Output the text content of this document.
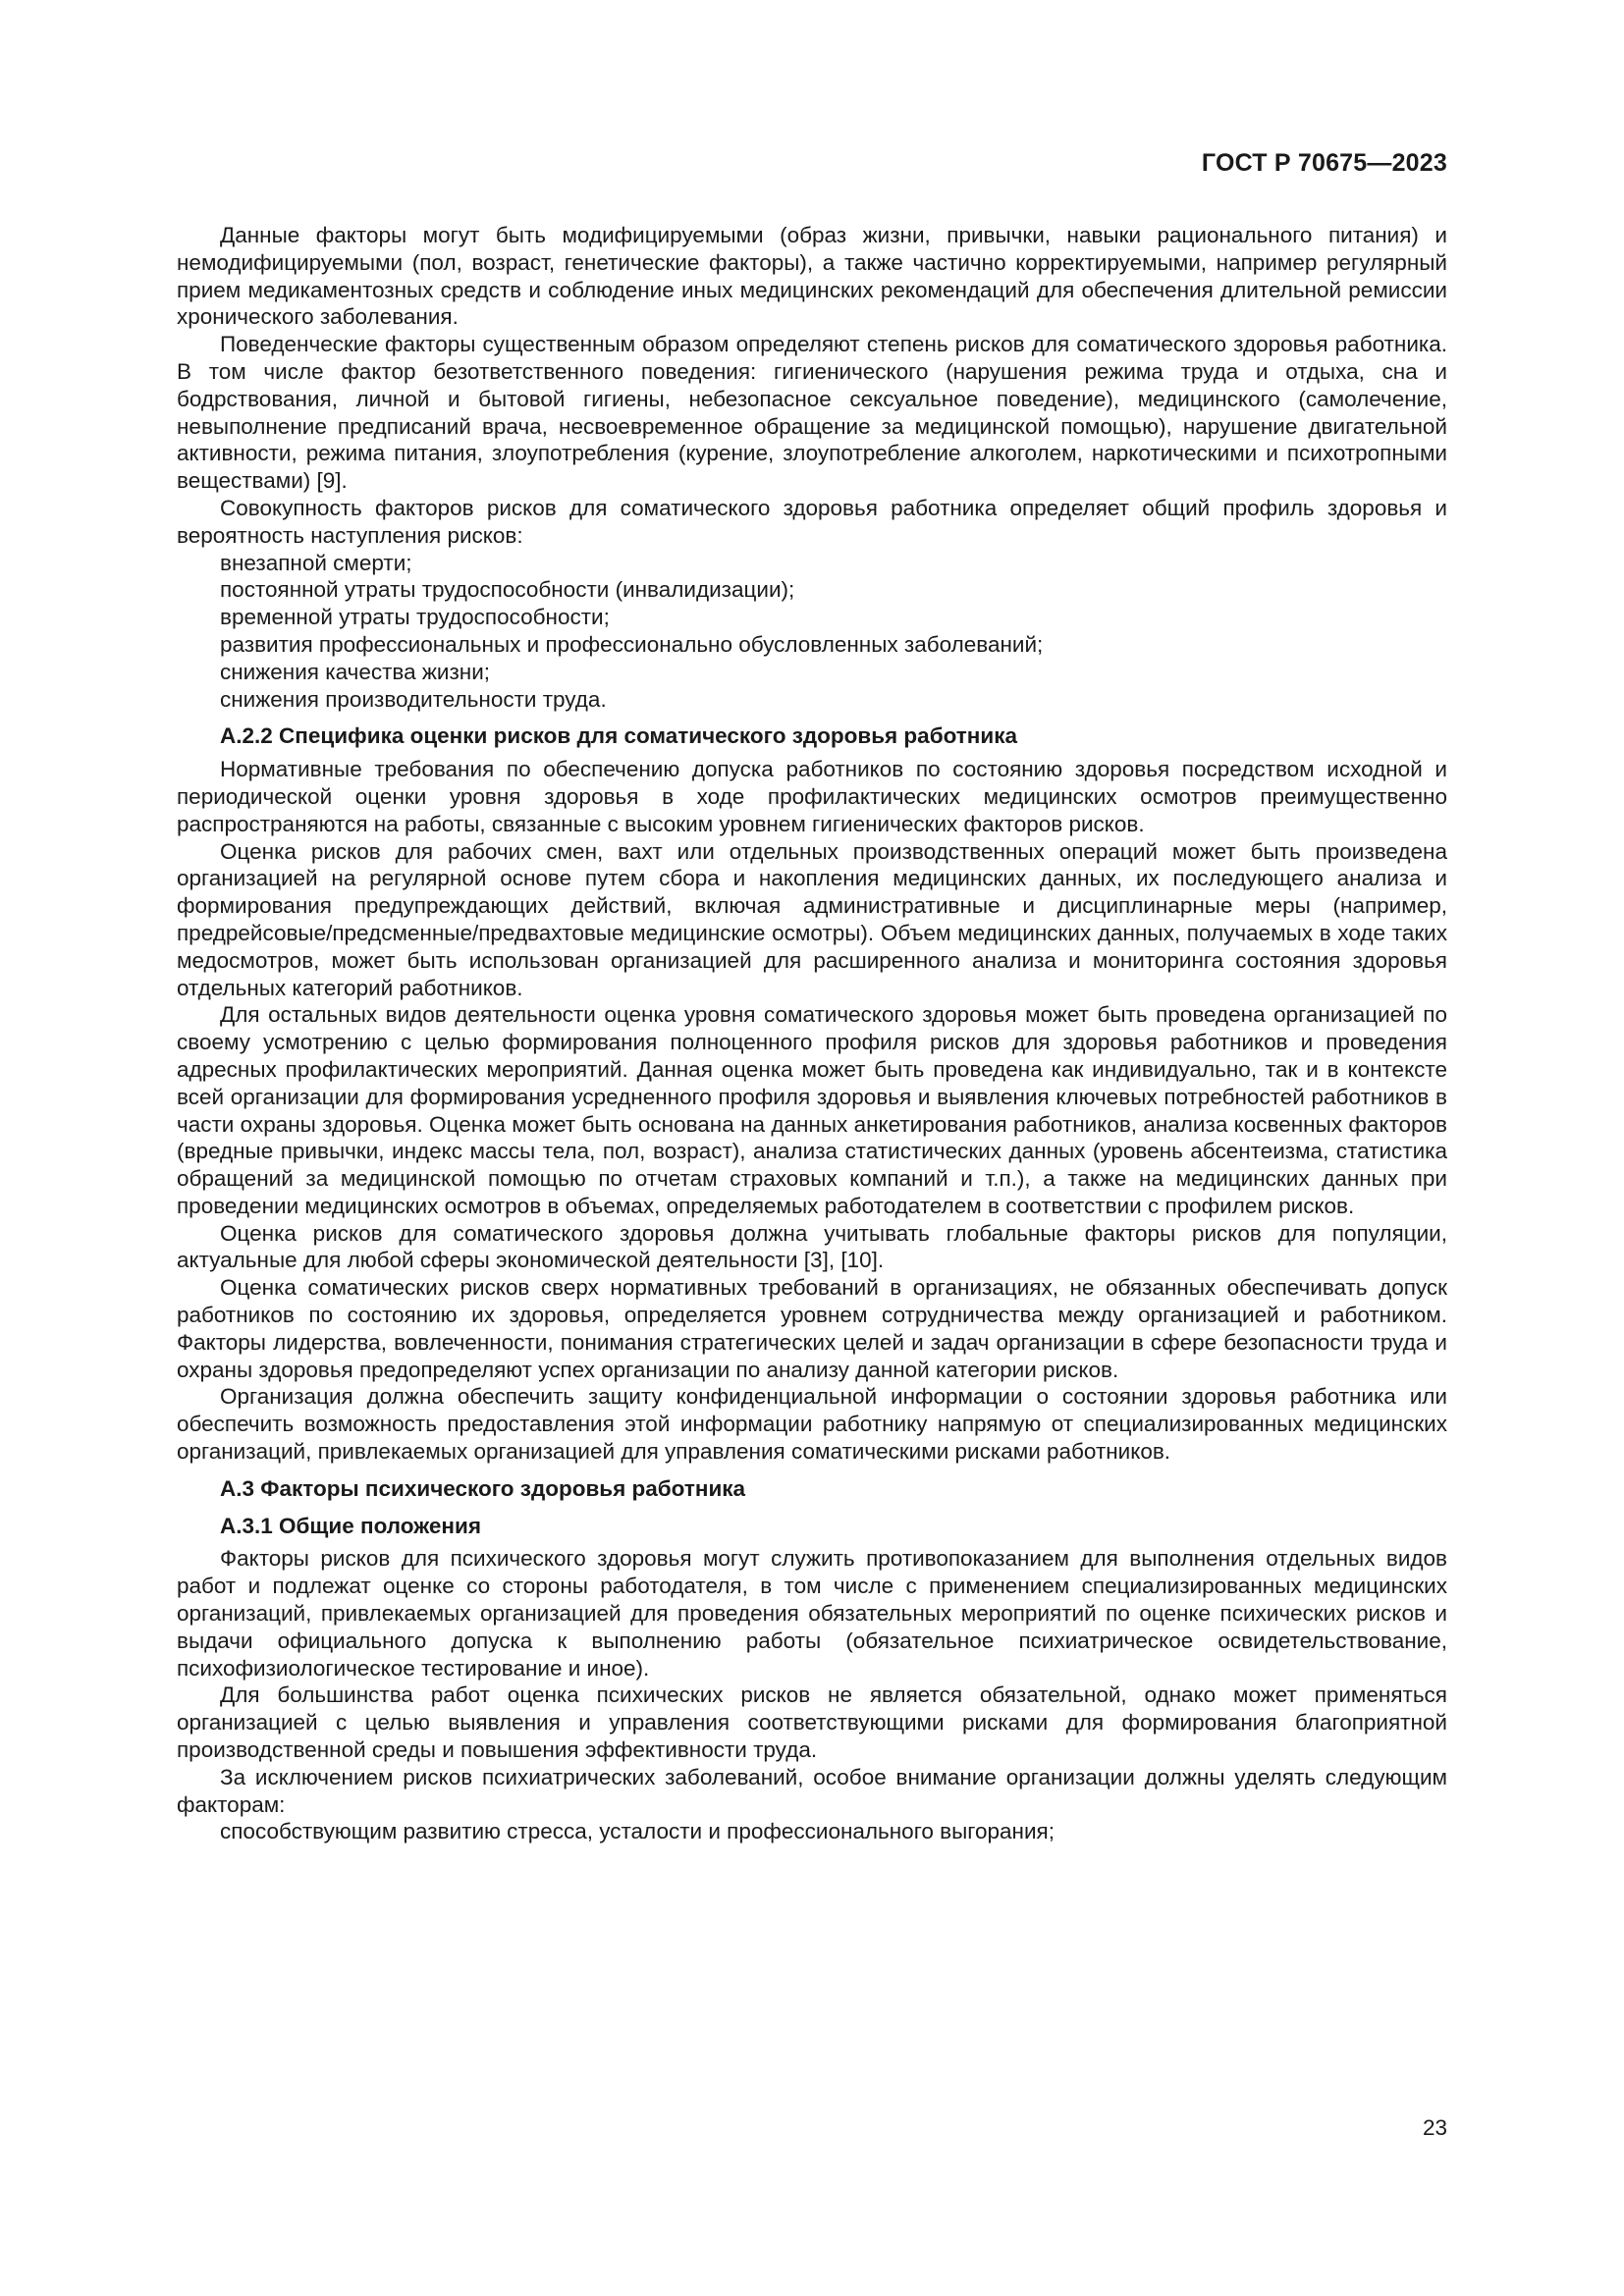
ГОСТ Р 70675—2023

Данные факторы могут быть модифицируемыми (образ жизни, привычки, навыки рационального питания) и немодифицируемыми (пол, возраст, генетические факторы), а также частично корректируемыми, например регулярный прием медикаментозных средств и соблюдение иных медицинских рекомендаций для обеспечения длительной ремиссии хронического заболевания.

Поведенческие факторы существенным образом определяют степень рисков для соматического здоровья работника. В том числе фактор безответственного поведения: гигиенического (нарушения режима труда и отдыха, сна и бодрствования, личной и бытовой гигиены, небезопасное сексуальное поведение), медицинского (самолечение, невыполнение предписаний врача, несвоевременное обращение за медицинской помощью), нарушение двигательной активности, режима питания, злоупотребления (курение, злоупотребление алкоголем, наркотическими и психотропными веществами) [9].

Совокупность факторов рисков для соматического здоровья работника определяет общий профиль здоровья и вероятность наступления рисков:

внезапной смерти;

постоянной утраты трудоспособности (инвалидизации);

временной утраты трудоспособности;

развития профессиональных и профессионально обусловленных заболеваний;

снижения качества жизни;

снижения производительности труда.

А.2.2 Специфика оценки рисков для соматического здоровья работника

Нормативные требования по обеспечению допуска работников по состоянию здоровья посредством исходной и периодической оценки уровня здоровья в ходе профилактических медицинских осмотров преимущественно распространяются на работы, связанные с высоким уровнем гигиенических факторов рисков.

Оценка рисков для рабочих смен, вахт или отдельных производственных операций может быть произведена организацией на регулярной основе путем сбора и накопления медицинских данных, их последующего анализа и формирования предупреждающих действий, включая административные и дисциплинарные меры (например, предрейсовые/предсменные/предвахтовые медицинские осмотры). Объем медицинских данных, получаемых в ходе таких медосмотров, может быть использован организацией для расширенного анализа и мониторинга состояния здоровья отдельных категорий работников.

Для остальных видов деятельности оценка уровня соматического здоровья может быть проведена организацией по своему усмотрению с целью формирования полноценного профиля рисков для здоровья работников и проведения адресных профилактических мероприятий. Данная оценка может быть проведена как индивидуально, так и в контексте всей организации для формирования усредненного профиля здоровья и выявления ключевых потребностей работников в части охраны здоровья. Оценка может быть основана на данных анкетирования работников, анализа косвенных факторов (вредные привычки, индекс массы тела, пол, возраст), анализа статистических данных (уровень абсентеизма, статистика обращений за медицинской помощью по отчетам страховых компаний и т.п.), а также на медицинских данных при проведении медицинских осмотров в объемах, определяемых работодателем в соответствии с профилем рисков.

Оценка рисков для соматического здоровья должна учитывать глобальные факторы рисков для популяции, актуальные для любой сферы экономической деятельности [3], [10].

Оценка соматических рисков сверх нормативных требований в организациях, не обязанных обеспечивать допуск работников по состоянию их здоровья, определяется уровнем сотрудничества между организацией и работником. Факторы лидерства, вовлеченности, понимания стратегических целей и задач организации в сфере безопасности труда и охраны здоровья предопределяют успех организации по анализу данной категории рисков.

Организация должна обеспечить защиту конфиденциальной информации о состоянии здоровья работника или обеспечить возможность предоставления этой информации работнику напрямую от специализированных медицинских организаций, привлекаемых организацией для управления соматическими рисками работников.

А.3 Факторы психического здоровья работника

А.3.1 Общие положения

Факторы рисков для психического здоровья могут служить противопоказанием для выполнения отдельных видов работ и подлежат оценке со стороны работодателя, в том числе с применением специализированных медицинских организаций, привлекаемых организацией для проведения обязательных мероприятий по оценке психических рисков и выдачи официального допуска к выполнению работы (обязательное психиатрическое освидетельствование, психофизиологическое тестирование и иное).

Для большинства работ оценка психических рисков не является обязательной, однако может применяться организацией с целью выявления и управления соответствующими рисками для формирования благоприятной производственной среды и повышения эффективности труда.

За исключением рисков психиатрических заболеваний, особое внимание организации должны уделять следующим факторам:

способствующим развитию стресса, усталости и профессионального выгорания;

23
